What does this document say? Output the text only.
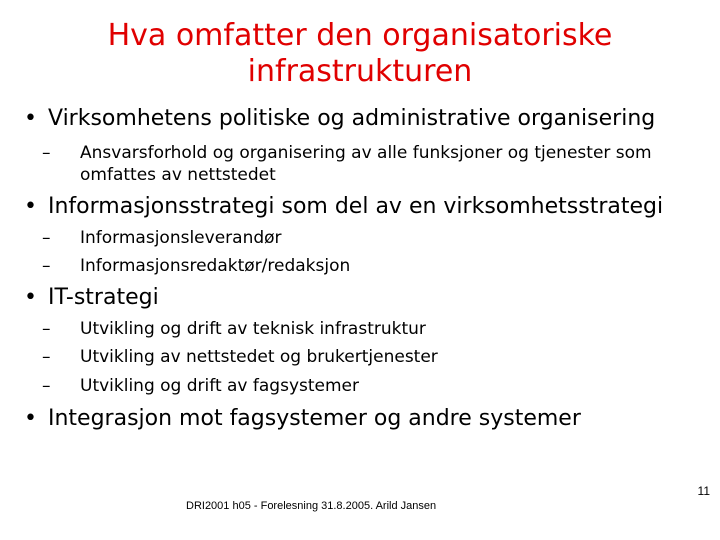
Hva omfatter den organisatoriske
infrastrukturen
• Virksomhetens politiske og administrative organisering
– Ansvarsforhold og organisering av alle funksjoner og tjenester som
omfattes av nettstedet
• Informasjonsstrategi som del av en virksomhetsstrategi
– Informasjonsleverandør
– Informasjonsredaktør/redaksjon
• IT-strategi
– Utvikling og drift av teknisk infrastruktur
– Utvikling av nettstedet og brukertjenester
– Utvikling og drift av fagsystemer
• Integrasjon mot fagsystemer og andre systemer
11
DRI2001 h05 - Forelesning 31.8.2005. Arild Jansen
